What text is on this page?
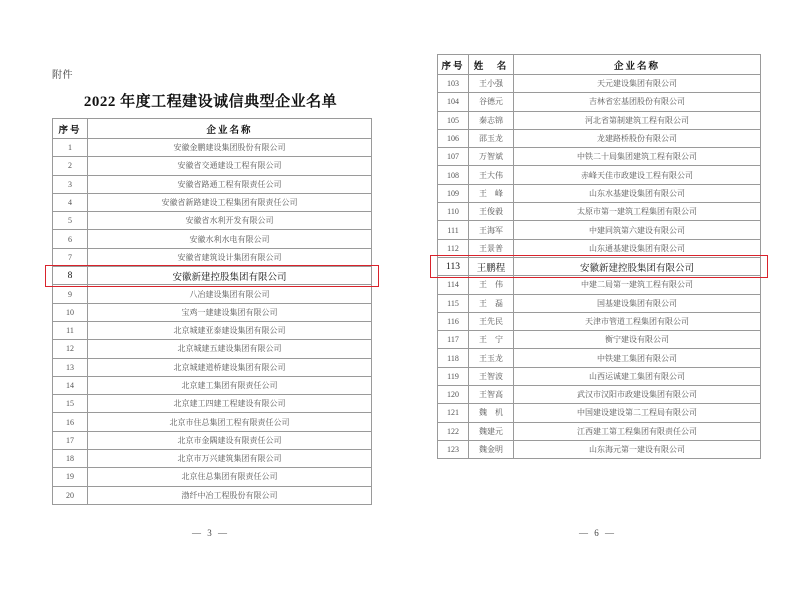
附件
2022 年度工程建设诚信典型企业名单
序号	企业名称
1	安徽金鹏建设集团股份有限公司
2	安徽省交通建设工程有限公司
3	安徽省路通工程有限责任公司
4	安徽省新路建设工程集团有限责任公司
5	安徽省水利开发有限公司
6	安徽水利水电有限公司
7	安徽省建筑设计集团有限公司
8	安徽新建控股集团有限公司
9	八冶建设集团有限公司
10	宝鸡一建建设集团有限公司
11	北京城建亚泰建设集团有限公司
12	北京城建五建设集团有限公司
13	北京城建道桥建设集团有限公司
14	北京建工集团有限责任公司
15	北京建工四建工程建设有限公司
16	北京市住总集团工程有限责任公司
17	北京市金隅建设有限责任公司
18	北京市万兴建筑集团有限公司
19	北京住总集团有限责任公司
20	渤纤中冶工程股份有限公司
— 3 —
序号	姓　名	企业名称
103	王小强	天元建设集团有限公司
104	谷德元	吉林省宏基团股份有限公司
105	秦志锦	河北省第制建筑工程有限公司
106	邵玉龙	龙建路桥股份有限公司
107	万智斌	中铁二十局集团建筑工程有限公司
108	王大伟	赤峰天佳市政建设工程有限公司
109	王　峰	山东水基建设集团有限公司
110	王俊毅	太原市第一建筑工程集团有限公司
111	王海军	中建同筑第六建设有限公司
112	王景普	山东通基建设集团有限公司
113	王鹏程	安徽新建控股集团有限公司
114	王　伟	中建二局第一建筑工程有限公司
115	王　磊	国基建设集团有限公司
116	王先民	天津市管道工程集团有限公司
117	王　宁	衡宁建设有限公司
118	王玉龙	中铁建工集团有限公司
119	王智波	山西运诚建工集团有限公司
120	王智高	武汉市汉阳市政建设集团有限公司
121	魏　机	中国建设建设第二工程局有限公司
122	魏建元	江西建工第工程集团有限责任公司
123	魏金明	山东海元第一建设有限公司
— 6 —
